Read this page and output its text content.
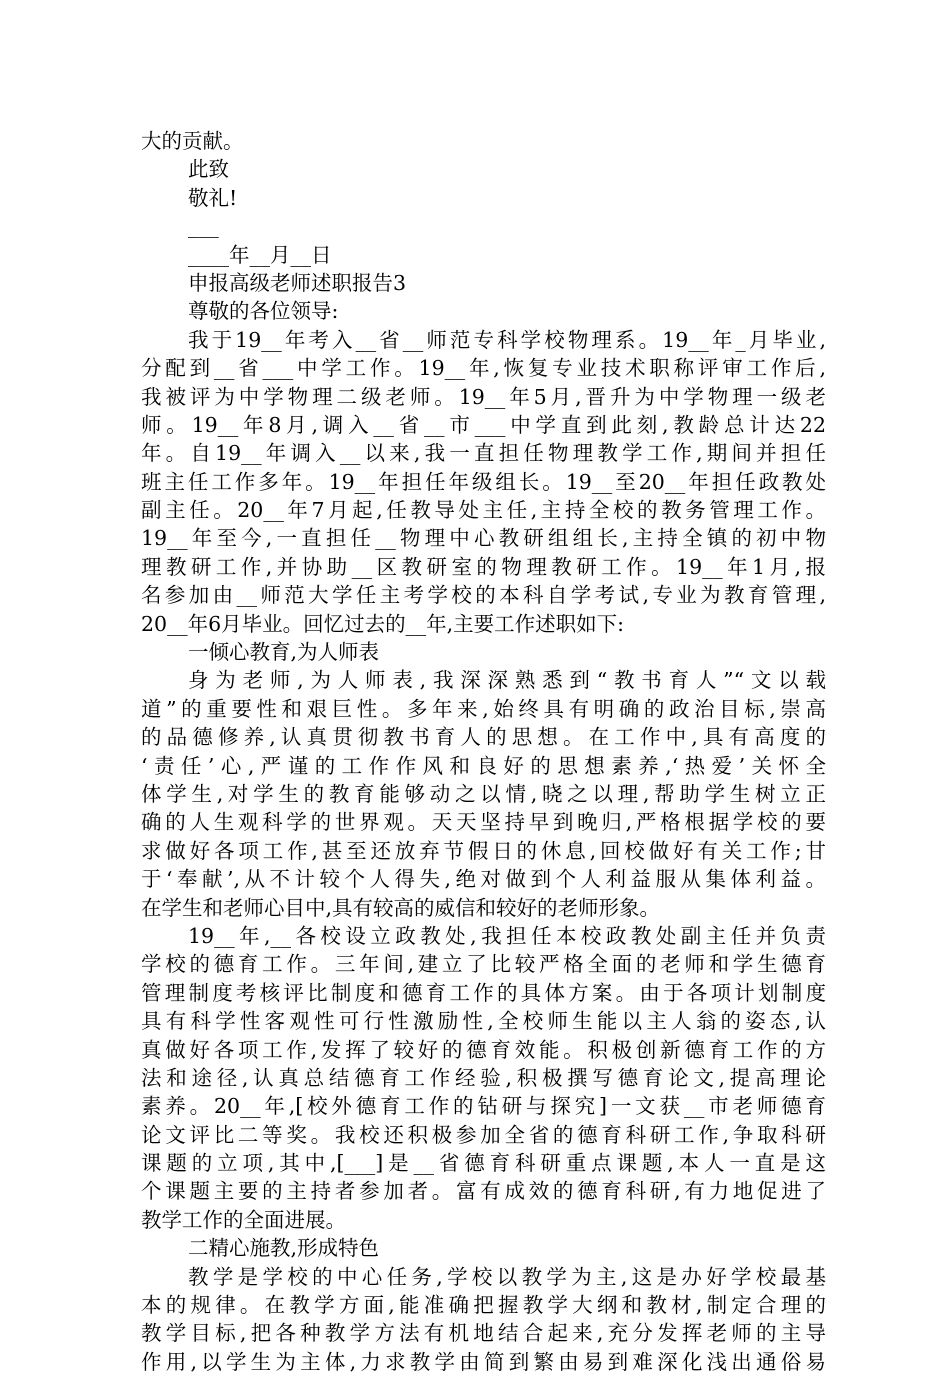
大的贡献。
此致
敬礼!
___
____年__月__日
申报高级老师述职报告3
尊敬的各位领导:
我于19__年考入__省__师范专科学校物理系。19__年_月毕业,
分配到__省___中学工作。19__年,恢复专业技术职称评审工作后,
我被评为中学物理二级老师。19__年5月,晋升为中学物理一级老
师。19__年8月,调入__省__市___中学直到此刻,教龄总计达22
年。自19__年调入__以来,我一直担任物理教学工作,期间并担任
班主任工作多年。19__年担任年级组长。19__至20__年担任政教处
副主任。20__年7月起,任教导处主任,主持全校的教务管理工作。
19__年至今,一直担任__物理中心教研组组长,主持全镇的初中物
理教研工作,并协助__区教研室的物理教研工作。19__年1月,报
名参加由__师范大学任主考学校的本科自学考试,专业为教育管理,
20__年6月毕业。回忆过去的__年,主要工作述职如下:
一倾心教育,为人师表
身为老师,为人师表,我深深熟悉到“教书育人”“文以载
道”的重要性和艰巨性。多年来,始终具有明确的政治目标,崇高
的品德修养,认真贯彻教书育人的思想。在工作中,具有高度的
‘责任’心,严谨的工作作风和良好的思想素养,‘热爱’关怀全
体学生,对学生的教育能够动之以情,晓之以理,帮助学生树立正
确的人生观科学的世界观。天天坚持早到晚归,严格根据学校的要
求做好各项工作,甚至还放弃节假日的休息,回校做好有关工作;甘
于‘奉献’,从不计较个人得失,绝对做到个人利益服从集体利益。
在学生和老师心目中,具有较高的威信和较好的老师形象。
19__年,__各校设立政教处,我担任本校政教处副主任并负责
学校的德育工作。三年间,建立了比较严格全面的老师和学生德育
管理制度考核评比制度和德育工作的具体方案。由于各项计划制度
具有科学性客观性可行性激励性,全校师生能以主人翁的姿态,认
真做好各项工作,发挥了较好的德育效能。积极创新德育工作的方
法和途径,认真总结德育工作经验,积极撰写德育论文,提高理论
素养。20__年,[校外德育工作的钻研与探究]一文获__市老师德育
论文评比二等奖。我校还积极参加全省的德育科研工作,争取科研
课题的立项,其中,[___]是__省德育科研重点课题,本人一直是这
个课题主要的主持者参加者。富有成效的德育科研,有力地促进了
教学工作的全面进展。
二精心施教,形成特色
教学是学校的中心任务,学校以教学为主,这是办好学校最基
本的规律。在教学方面,能准确把握教学大纲和教材,制定合理的
教学目标,把各种教学方法有机地结合起来,充分发挥老师的主导
作用,以学生为主体,力求教学由简到繁由易到难深化浅出通俗易
